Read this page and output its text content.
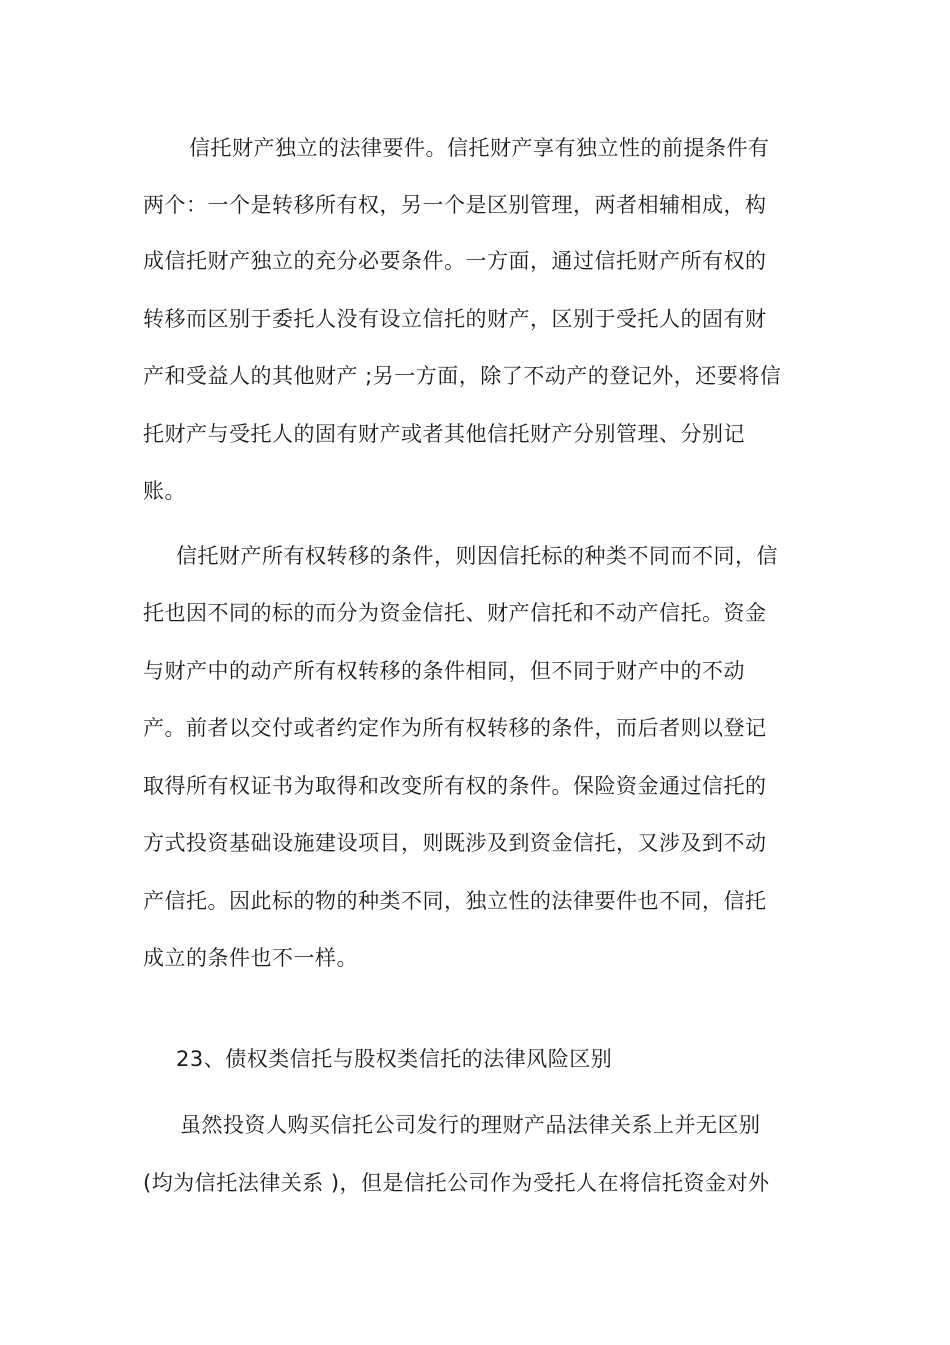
信托财产独立的法律要件。信托财产享有独立性的前提条件有
两个：一个是转移所有权，另一个是区别管理，两者相辅相成，构
成信托财产独立的充分必要条件。一方面，通过信托财产所有权的
转移而区别于委托人没有设立信托的财产，区别于受托人的固有财
产和受益人的其他财产 ;另一方面，除了不动产的登记外，还要将信
托财产与受托人的固有财产或者其他信托财产分别管理、分别记
账。
信托财产所有权转移的条件，则因信托标的种类不同而不同，信
托也因不同的标的而分为资金信托、财产信托和不动产信托。资金
与财产中的动产所有权转移的条件相同，但不同于财产中的不动
产。前者以交付或者约定作为所有权转移的条件，而后者则以登记
取得所有权证书为取得和改变所有权的条件。保险资金通过信托的
方式投资基础设施建设项目，则既涉及到资金信托，又涉及到不动
产信托。因此标的物的种类不同，独立性的法律要件也不同，信托
成立的条件也不一样。
23、债权类信托与股权类信托的法律风险区别
虽然投资人购买信托公司发行的理财产品法律关系上并无区别
(均为信托法律关系 )，但是信托公司作为受托人在将信托资金对外
